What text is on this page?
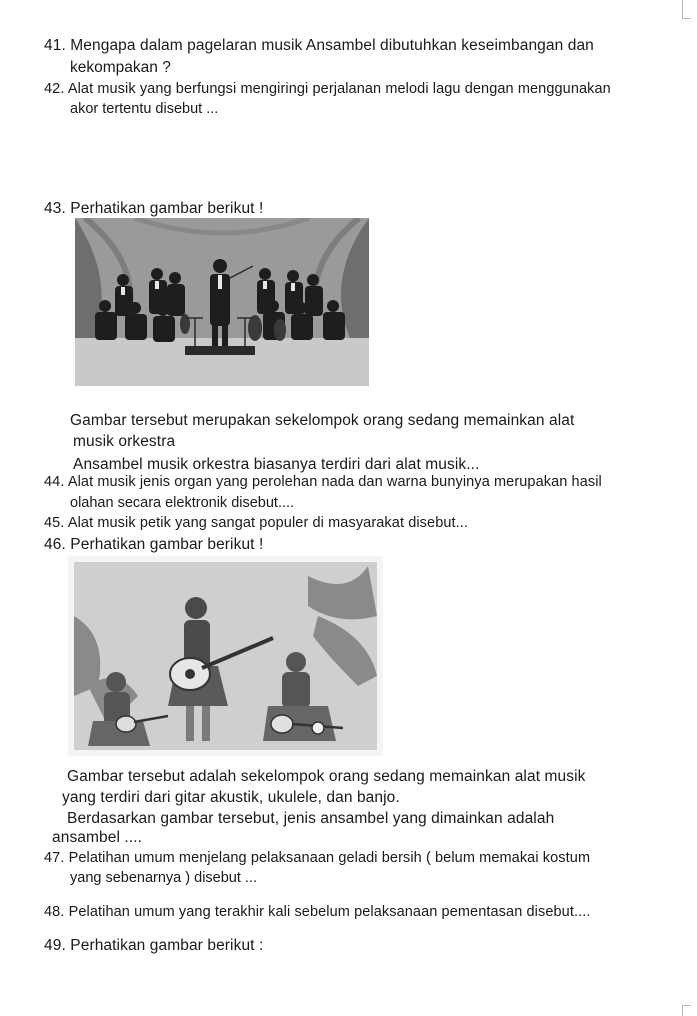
41. Mengapa dalam pagelaran musik Ansambel dibutuhkan keseimbangan dan
kekompakan ?
42. Alat musik yang berfungsi mengiringi perjalanan melodi lagu dengan menggunakan
akor tertentu disebut ...
43. Perhatikan gambar berikut !
Gambar tersebut merupakan sekelompok orang sedang memainkan alat
musik orkestra
Ansambel musik orkestra biasanya terdiri dari alat musik...
44. Alat musik jenis organ yang perolehan nada dan warna bunyinya merupakan hasil
olahan secara elektronik disebut....
45. Alat musik petik yang sangat populer di masyarakat disebut...
46. Perhatikan gambar berikut !
Gambar tersebut adalah sekelompok orang sedang memainkan alat musik
yang terdiri dari gitar akustik, ukulele, dan banjo.
Berdasarkan gambar tersebut, jenis ansambel yang dimainkan adalah
ansambel ....
47. Pelatihan umum menjelang pelaksanaan geladi bersih ( belum memakai kostum
yang sebenarnya ) disebut ...
48. Pelatihan umum yang terakhir kali sebelum pelaksanaan pementasan disebut....
49. Perhatikan gambar berikut :
